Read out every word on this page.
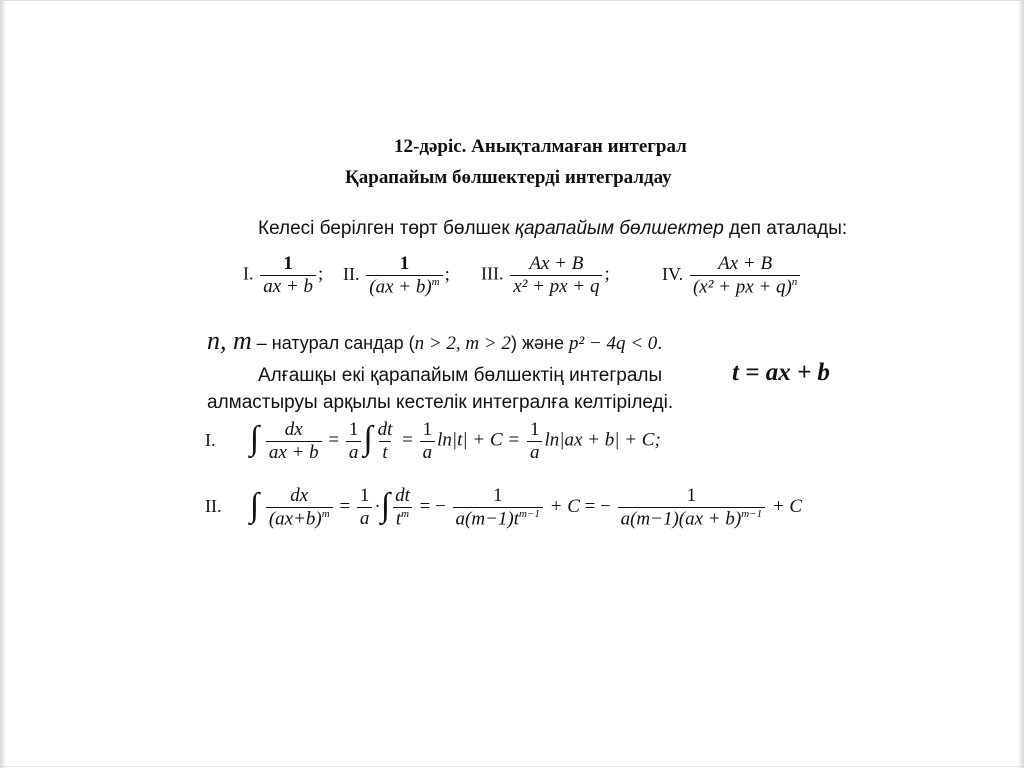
12-дәріс. Анықталмаған интеграл
Қарапайым бөлшектерді интегралдау
Келесі берілген төрт бөлшек қарапайым бөлшектер деп аталады:
I. $\frac{1}{ax + b}$ ; II. $\frac{1}{(ax + b)^m}$ ; III. $\frac{Ax + B}{\text{x² + px + q}}$ ;	IV. $\frac{Ax + B}{(x^2 + px + q)^n}$
n, m – натурал сандар (n > 2, m > 2) және p² − 4q < 0.
Алғашқы екі қарапайым бөлшектің интегралы	t = ax + b
алмастыруы арқылы кестелік интегралға келтіріледі.
I. ∫ $\frac{dx}{ax + b} = \frac{1}{a}$ ∫ $\frac{dt}{t} = \frac{1}{a} \ln|t| + C = \frac{1}{a} \ln|ax + b| + C$;
II. ∫ $\frac{dx}{(ax+b)^m} = \frac{1}{a}$ ·∫ $\frac{dt}{t^m}$ = − $\frac{1}{a(m-1)t^{m-1}} + C$ = − $\frac{1}{a(m-1)(ax + b)^{m-1}} + C$
